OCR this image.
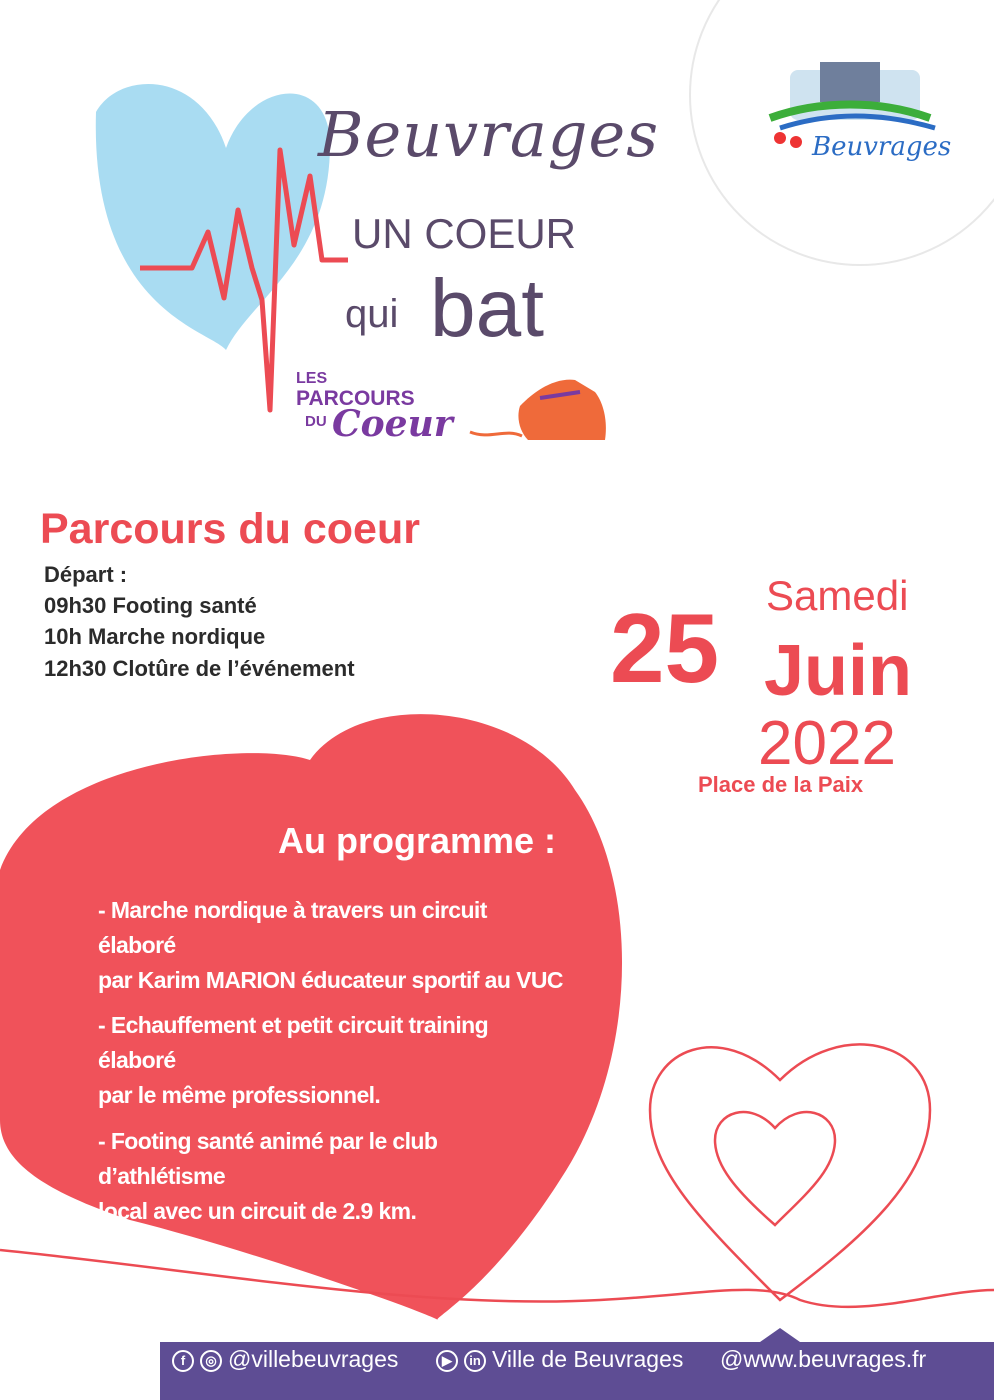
Beuvrages
UN COEUR
qui bat
LES
PARCOURS
DU Coeur
Beuvrages
Parcours du coeur
Départ :
09h30 Footing santé
10h Marche nordique
12h30 Clotûre de l’événement
Samedi
25 Juin
2022
Place de la Paix
Au programme :
- Marche nordique à travers un circuit élaboré
par Karim MARION éducateur sportif au VUC
- Echauffement et petit circuit training élaboré
par le même professionnel.
- Footing santé animé par le club d’athlétisme
local avec un circuit de 2.9 km.
f	◎ @villebeuvrages	▶	in Ville de Beuvrages @www.beuvrages.fr
